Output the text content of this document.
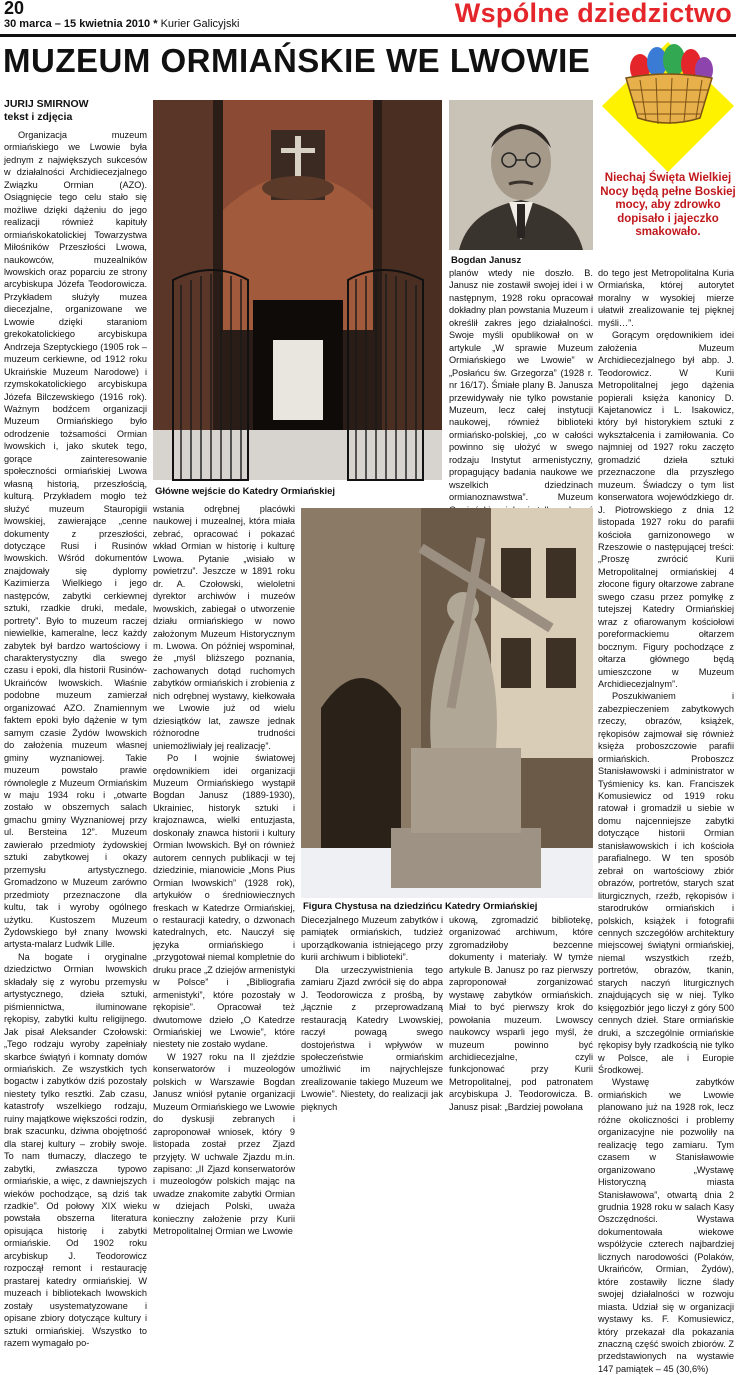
20
30 marca – 15 kwietnia 2010 * Kurier Galicyjski	Wspólne dziedzictwo
MUZEUM ORMIAŃSKIE WE LWOWIE
Niechaj Święta Wielkiej Nocy będą pełne Boskiej mocy, aby zdrowko dopisało i jajeczko smakowało.
JURIJ SMIRNOW
tekst i zdjęcia

Organizacja muzeum ormiańskiego we Lwowie była jednym z największych sukcesów w działalności Archidiecezjalnego Związku Ormian (AZO). Osiągnięcie tego celu stało się możliwe dzięki dążeniu do jego realizacji również kapituły ormiańskokatolickiej Towarzystwa Miłośników Przeszłości Lwowa, naukowców, muzealników lwowskich oraz poparciu ze strony arcybiskupa Józefa Teodorowicza. Przykładem służyły muzea diecezjalne, organizowane we Lwowie dzięki staraniom grekokatolickiego arcybiskupa Andrzeja Szeptyckiego (1905 rok – muzeum cerkiewne, od 1912 roku Ukraińskie Muzeum Narodowe) i rzymskokatolickiego arcybiskupa Józefa Bilczewskiego (1916 rok). Ważnym bodźcem organizacji Muzeum Ormiańskiego było odrodzenie tożsamości Ormian lwowskich i, jako skutek tego, gorące zainteresowanie społeczności ormiańskiej Lwowa własną historią, przeszłością, kulturą. Przykładem mogło też służyć muzeum Stauropigii lwowskiej, zawierające „cenne dokumenty z przeszłości, dotyczące Rusi i Rusinów lwowskich. Wśród dokumentów znajdowały się dyplomy Kazimierza Wielkiego i jego następców, zabytki cerkiewnej sztuki, rzadkie druki, medale, portrety”. Było to muzeum raczej niewielkie, kameralne, lecz każdy zabytek był bardzo wartościowy i charakterystyczny dla swego czasu i epoki, dla historii Rusinów-Ukraińców lwowskich. Właśnie podobne muzeum zamierzał organizować AZO. Znamiennym faktem epoki było dążenie w tym samym czasie Żydów lwowskich do założenia muzeum własnej gminy wyznaniowej. Takie muzeum powstało prawie równolegle z Muzeum Ormiańskim w maju 1934 roku i „otwarte zostało w obszernych salach gmachu gminy Wyznaniowej przy ul. Bersteina 12”. Muzeum zawierało przedmioty żydowskiej sztuki zabytkowej i okazy przemysłu artystycznego. Gromadzono w Muzeum zarówno przedmioty przeznaczone dla kultu, tak i wyroby ogólnego użytku. Kustoszem Muzeum Żydowskiego był znany lwowski artysta-malarz Ludwik Lille.

Na bogate i oryginalne dziedzictwo Ormian lwowskich składały się z wyrobu przemysłu artystycznego, dzieła sztuki, piśmiennictwa, iluminowane rękopisy, zabytki kultu religijnego. Jak pisał Aleksander Czołowski: „Tego rodzaju wyroby zapełniały skarbce świątyń i komnaty domów ormiańskich. Ze wszystkich tych bogactw i zabytków dziś pozostały niestety tylko resztki. Zab czasu, katastrofy wszelkiego rodzaju, ruiny majątkowe większości rodzin, brak szacunku, dziwna obojętność dla starej kultury – zrobiły swoje. To nam tłumaczy, dlaczego te zabytki, zwłaszcza typowo ormiańskie, a więc, z dawniejszych wieków pochodzące, są dziś tak rzadkie”. Od połowy XIX wieku powstała obszerna literatura opisująca historię i zabytki ormiańskie. Od 1902 roku arcybiskup J. Teodorowicz rozpoczął remont i restaurację prastarej katedry ormiańskiej. W muzeach i bibliotekach lwowskich zostały usystematyzowane i opisane zbiory dotyczące kultury i sztuki ormiańskiej. Wszystko to razem wymagało po-

Główne wejście do Katedry Ormiańskiej
Bogdan Janusz

wstania odrębnej placówki naukowej i muzealnej, która miała zebrać, opracować i pokazać wkład Ormian w historię i kulturę Lwowa. Pytanie „wisiało w powietrzu”. Jeszcze w 1891 roku dr. A. Czołowski, wieloletni dyrektor archiwów i muzeów lwowskich, zabiegał o utworzenie działu ormiańskiego w nowo założonym Muzeum Historycznym m. Lwowa. On później wspominał, że „myśl bliższego poznania, zachowanych dotąd ruchomych zabytków ormiańskich i zrobienia z nich odrębnej wystawy, kiełkowała we Lwowie już od wielu dziesiątków lat, zawsze jednak różnorodne trudności uniemożliwiały jej realizację”.

Po I wojnie światowej orędownikiem idei organizacji Muzeum Ormiańskiego wystąpił Bogdan Janusz (1889-1930), Ukrainiec, historyk sztuki i krajoznawca, wielki entuzjasta, doskonały znawca historii i kultury Ormian lwowskich. Był on również autorem cennych publikacji w tej dziedzinie, mianowicie „Mons Pius Ormian lwowskich” (1928 rok), artykułów o średniowiecznych freskach w Katedrze Ormiańskiej, o restauracji katedry, o dzwonach katedralnych, etc. Nauczył się języka ormiańskiego i „przygotował niemal kompletnie do druku prace „Z dziejów armenistyki w Polsce” i „Bibliografia armenistyki”, które pozostały w rękopisie”. Opracował też dwutomowe dzieło „O Katedrze Ormiańskiej we Lwowie”, które niestety nie zostało wydane.

W 1927 roku na II zjeździe konserwatorów i muzeologów polskich w Warszawie Bogdan Janusz wniósł pytanie organizacji Muzeum Ormiańskiego we Lwowie do dyskusji zebranych i zaproponował wniosek, który 9 listopada został przez Zjazd przyjęty. W uchwale Zjazdu m.in. zapisano: „II Zjazd konserwatorów i muzeologów polskich mając na uwadze znakomite zabytki Ormian w dziejach Polski, uważa konieczny założenie przy Kurii Metropolitalnej Ormian we Lwowie

planów wtedy nie doszło. B. Janusz nie zostawił swojej idei i w następnym, 1928 roku opracował dokładny plan powstania Muzeum i określił zakres jego działalności. Swoje myśli opublikował on w artykule „W sprawie Muzeum Ormiańskiego we Lwowie” w „Posłańcu św. Grzegorza” (1928 r. nr 16/17). Śmiałe plany B. Janusza przewidywały nie tylko powstanie Muzeum, lecz całej instytucji naukowej, również biblioteki ormiańsko-polskiej, „co w całości powinno się ułożyć w swego rodzaju Instytut armenistyczny, propagujący badania naukowe we wszelkich dziedzinach ormianoznawstwa”. Muzeum

Figura Chystusa na dziedzińcu Katedry Ormiańskiej

Diecezjalnego Muzeum zabytków i pamiątek ormiańskich, tudzież uporządkowania istniejącego przy kurii archiwum i biblioteki”.

Dla urzeczywistnienia tego zamiaru Zjazd zwrócił się do abpa J. Teodorowicza z prośbą, by „łącznie z przeprowadzaną restauracją Katedry Lwowskiej, raczył powagą swego dostojeństwa i wpływów w społeczeństwie ormiańskim umożliwić im najrychlejsze zrealizowanie takiego Muzeum we Lwowie”. Niestety, do realizacji jak pięknych

ukową, zgromadzić bibliotekę, organizować archiwum, które zgromadziłoby bezcenne dokumenty i materiały. W tymże artykule B. Janusz po raz pierwszy zaproponował zorganizować wystawę zabytków ormiańskich. Miał to być pierwszy krok do powołania muzeum. Lwowscy naukowcy wsparli jego myśl, że muzeum powinno być archidiecezjalne, czyli funkcjonować przy Kurii Metropolitalnej, pod patronatem arcybiskupa J. Teodorowicza. B. Janusz pisał: „Bardziej powołana

do tego jest Metropolitalna Kuria Ormiańska, której autorytet moralny w wysokiej mierze ułatwił zrealizowanie tej pięknej myśli…”.

Gorącym orędownikiem idei założenia Muzeum Archidiecezjalnego był abp. J. Teodorowicz. W Kurii Metropolitalnej jego dążenia popierali księża kanonicy D. Kajetanowicz i L. Isakowicz, który był historykiem sztuki z wykształcenia i zamiłowania. Co najmniej od 1927 roku zaczęto gromadzić dzieła sztuki przeznaczone dla przyszłego muzeum. Świadczy o tym list konserwatora wojewódzkiego dr. J. Piotrowskiego z dnia 12 listopada 1927 roku do parafii kościoła garnizonowego w Rzeszowie o następującej treści: „Proszę zwrócić Kurii Metropolitalnej ormiańskiej 4 złocone figury ołtarzowe zabrane swego czasu przez pomyłkę z tutejszej Katedry Ormiańskiej wraz z ofiarowanym kościołowi poreformackiemu ołtarzem bocznym. Figury pochodzące z ołtarza głównego będą umieszczone w Muzeum Archidiecezjalnym”.

Poszukiwaniem i zabezpieczeniem zabytkowych rzeczy, obrazów, książek, rękopisów zajmował się również księża proboszczowie parafii ormiańskich. Proboszcz Stanisławowski i administrator w Tyśmienicy ks. kan. Franciszek Komusiewicz od 1919 roku ratował i gromadził u siebie w domu najcenniejsze zabytki dotyczące historii Ormian stanisławowskich i ich kościoła parafialnego. W ten sposób zebrał on wartościowy zbiór obrazów, portretów, starych szat liturgicznych, rzeźb, rękopisów i starodruków ormiańskich i polskich, książek i fotografii cennych szczegółów architektury miejscowej świątyni ormiańskiej, niemal wszystkich rzeźb, portretów, obrazów, tkanin, starych naczyń liturgicznych znajdujących się w niej. Tylko księgozbiór jego liczył z góry 500 cennych dzieł. Stare ormiańskie druki, a szczególnie ormiańskie rękopisy były rzadkością nie tylko w Polsce, ale i Europie Środkowej.

Wystawę zabytków ormiańskich we Lwowie planowano już na 1928 rok, lecz różne okoliczności i problemy organizacyjne nie pozwoliły na realizację tego zamiaru. Tym czasem w Stanisławowie organizowano „Wystawę Historyczną miasta Stanisławowa”, otwartą dnia 2 grudnia 1928 roku w salach Kasy Oszczędności. Wystawa dokumentowała wiekowe współżycie czterech najbardziej licznych narodowości (Polaków, Ukraińców, Ormian, Żydów), które zostawiły liczne ślady swojej działalności w rozwoju miasta. Udział się w organizacji wystawy ks. F. Komusiewicz, który przekazał dla pokazania znaczną część swoich zbiorów. Z przedstawionych na wystawie 147 pamiątek – 45 (30,6%)
